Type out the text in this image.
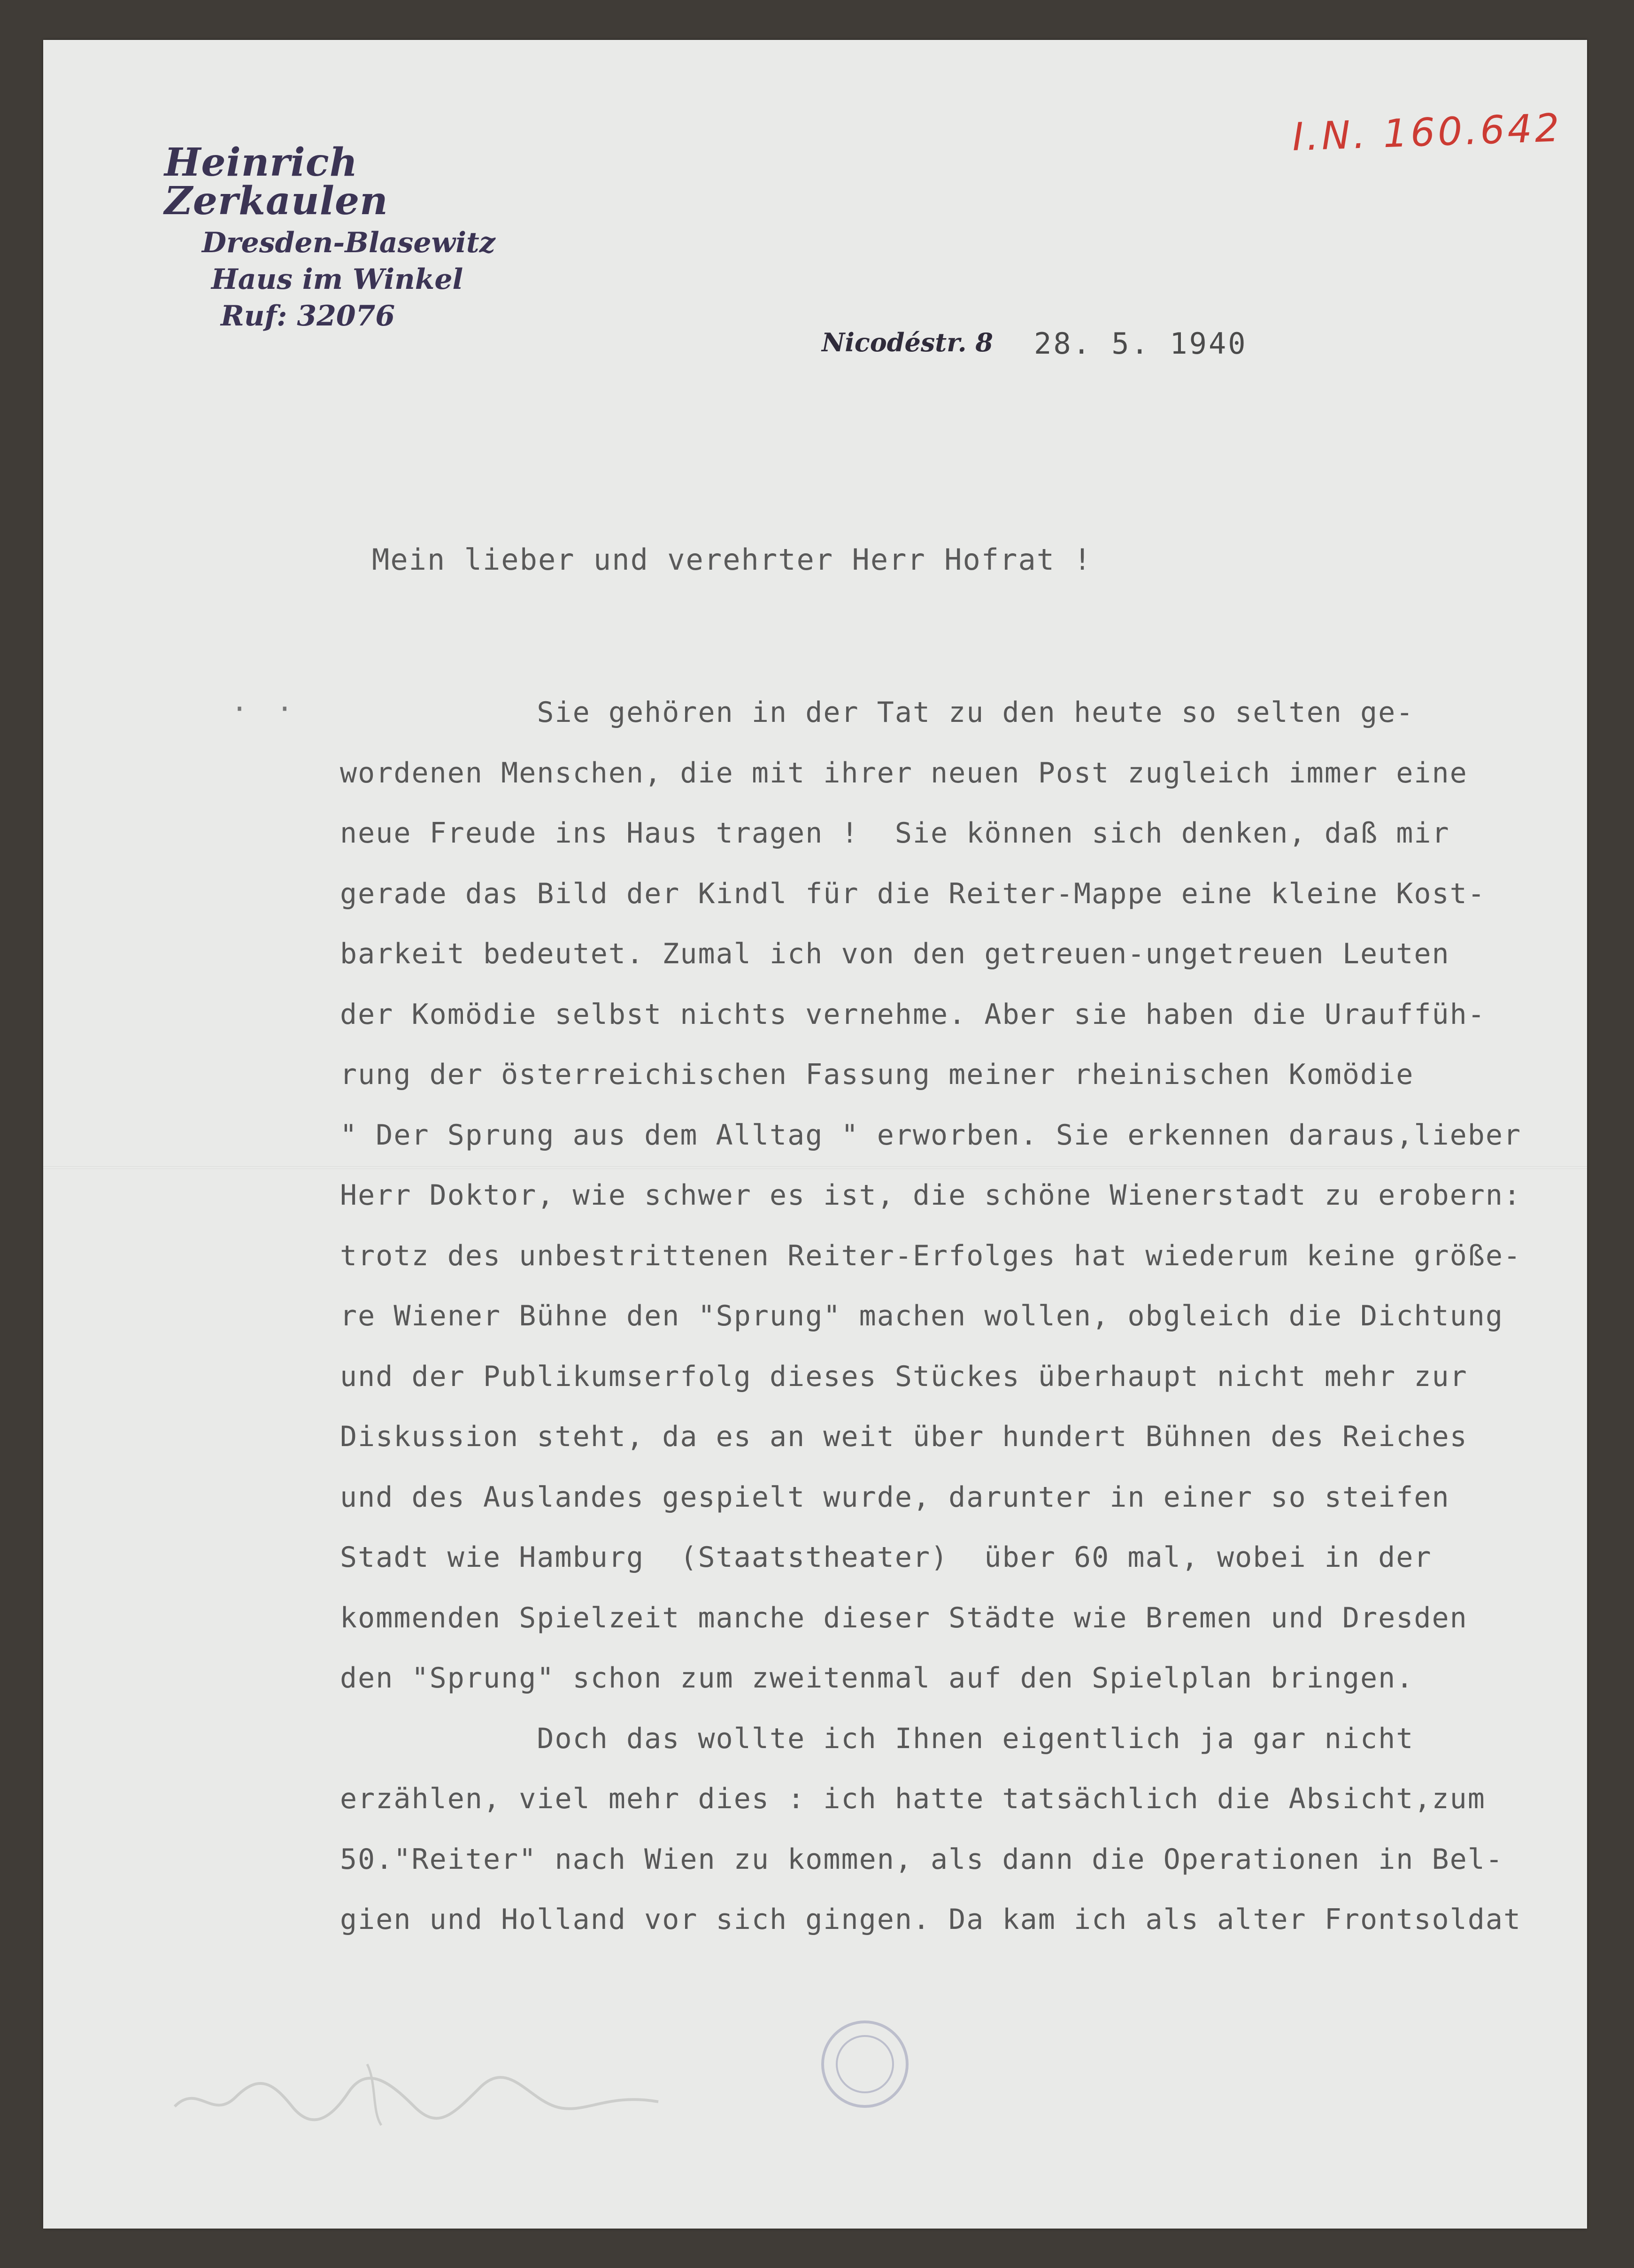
Heinrich Zerkaulen
Dresden-Blasewitz
Haus im Winkel
Ruf: 32076
I.N. 160.642
Nicodéstr. 8 28. 5. 1940
Mein lieber und verehrter Herr Hofrat !
· · Sie gehören in der Tat zu den heute so selten ge-
wordenen Menschen, die mit ihrer neuen Post zugleich immer eine
neue Freude ins Haus tragen !  Sie können sich denken, daß mir
gerade das Bild der Kindl für die Reiter-Mappe eine kleine Kost-
barkeit bedeutet. Zumal ich von den getreuen-ungetreuen Leuten
der Komödie selbst nichts vernehme. Aber sie haben die Urauffüh-
rung der österreichischen Fassung meiner rheinischen Komödie
" Der Sprung aus dem Alltag " erworben. Sie erkennen daraus,lieber
Herr Doktor, wie schwer es ist, die schöne Wienerstadt zu erobern:
trotz des unbestrittenen Reiter-Erfolges hat wiederum keine größe-
re Wiener Bühne den "Sprung" machen wollen, obgleich die Dichtung
und der Publikumserfolg dieses Stückes überhaupt nicht mehr zur
Diskussion steht, da es an weit über hundert Bühnen des Reiches
und des Auslandes gespielt wurde, darunter in einer so steifen
Stadt wie Hamburg  (Staatstheater)  über 60 mal, wobei in der
kommenden Spielzeit manche dieser Städte wie Bremen und Dresden
den "Sprung" schon zum zweitenmal auf den Spielplan bringen.
Doch das wollte ich Ihnen eigentlich ja gar nicht
erzählen, viel mehr dies : ich hatte tatsächlich die Absicht,zum
50."Reiter" nach Wien zu kommen, als dann die Operationen in Bel-
gien und Holland vor sich gingen. Da kam ich als alter Frontsoldat
